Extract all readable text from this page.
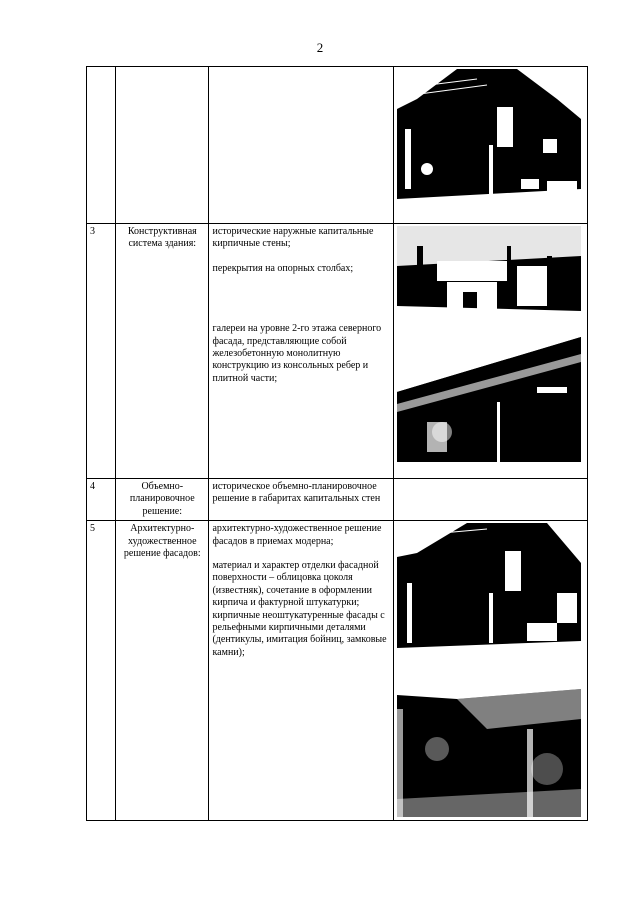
2

3	Конструктивная система здания:	исторические наружные капитальные кирпичные стены;

перекрытия на опорных столбах;

галереи на уровне 2-го этажа северного фасада, представляющие собой железобетонную монолитную конструкцию из консольных ребер и плитной части;

4	Объемно-планировочное решение:	историческое объемно-планировочное решение в габаритах капитальных стен	

5	Архитектурно-художественное решение фасадов:	архитектурно-художественное решение фасадов в приемах модерна;

материал и характер отделки фасадной поверхности – облицовка цоколя (известняк), сочетание в оформлении кирпича и фактурной штукатурки;

кирпичные неоштукатуренные фасады с рельефными кирпичными деталями (дентикулы, имитация бойниц, замковые камни);
